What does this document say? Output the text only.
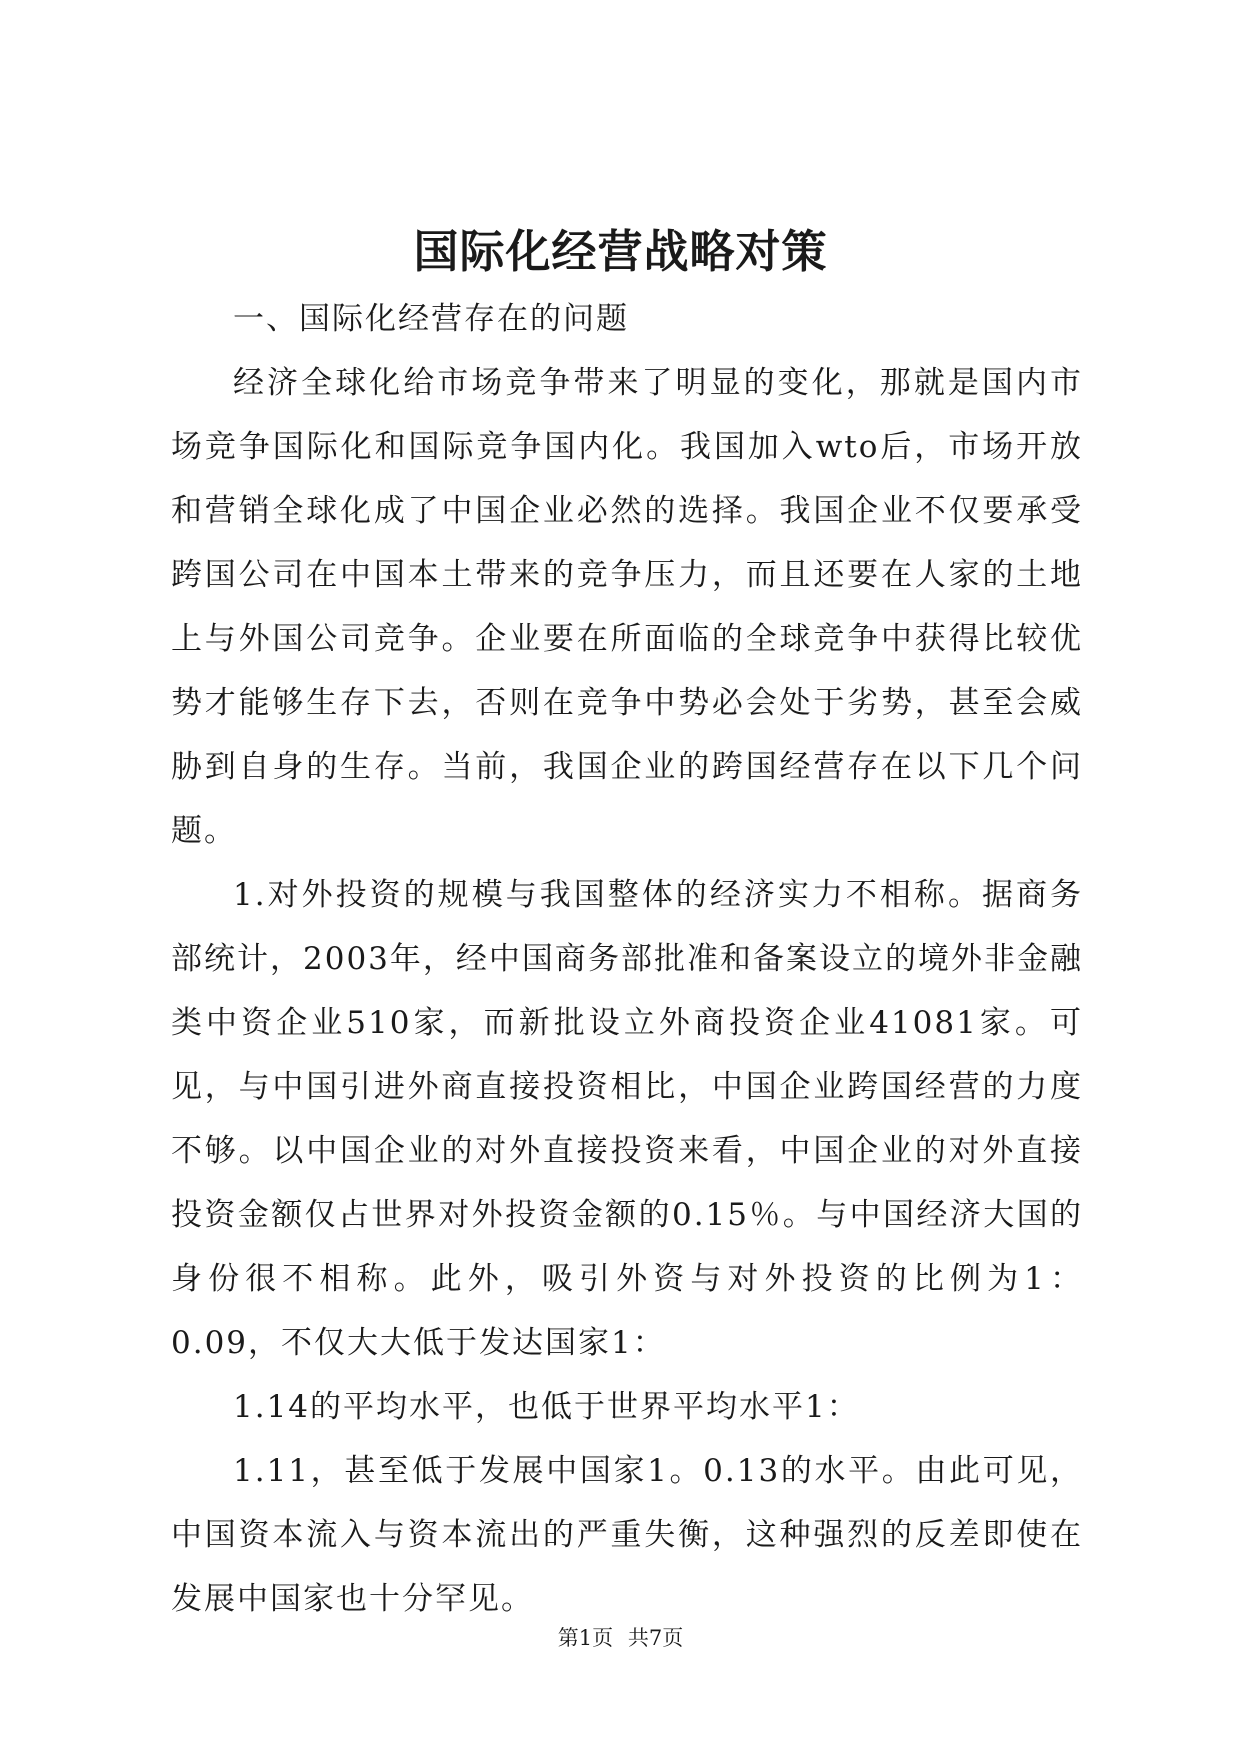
国际化经营战略对策

一、国际化经营存在的问题

经济全球化给市场竞争带来了明显的变化，那就是国内市场竞争国际化和国际竞争国内化。我国加入wto后，市场开放和营销全球化成了中国企业必然的选择。我国企业不仅要承受跨国公司在中国本土带来的竞争压力，而且还要在人家的土地上与外国公司竞争。企业要在所面临的全球竞争中获得比较优势才能够生存下去，否则在竞争中势必会处于劣势，甚至会威胁到自身的生存。当前，我国企业的跨国经营存在以下几个问题。

1.对外投资的规模与我国整体的经济实力不相称。据商务部统计，2003年，经中国商务部批准和备案设立的境外非金融类中资企业510家，而新批设立外商投资企业41081家。可见，与中国引进外商直接投资相比，中国企业跨国经营的力度不够。以中国企业的对外直接投资来看，中国企业的对外直接投资金额仅占世界对外投资金额的0.15％。与中国经济大国的身份很不相称。此外，吸引外资与对外投资的比例为1：0.09，不仅大大低于发达国家1：

1.14的平均水平，也低于世界平均水平1：

1.11，甚至低于发展中国家1。0.13的水平。由此可见，中国资本流入与资本流出的严重失衡，这种强烈的反差即使在发展中国家也十分罕见。

第1页 共7页
